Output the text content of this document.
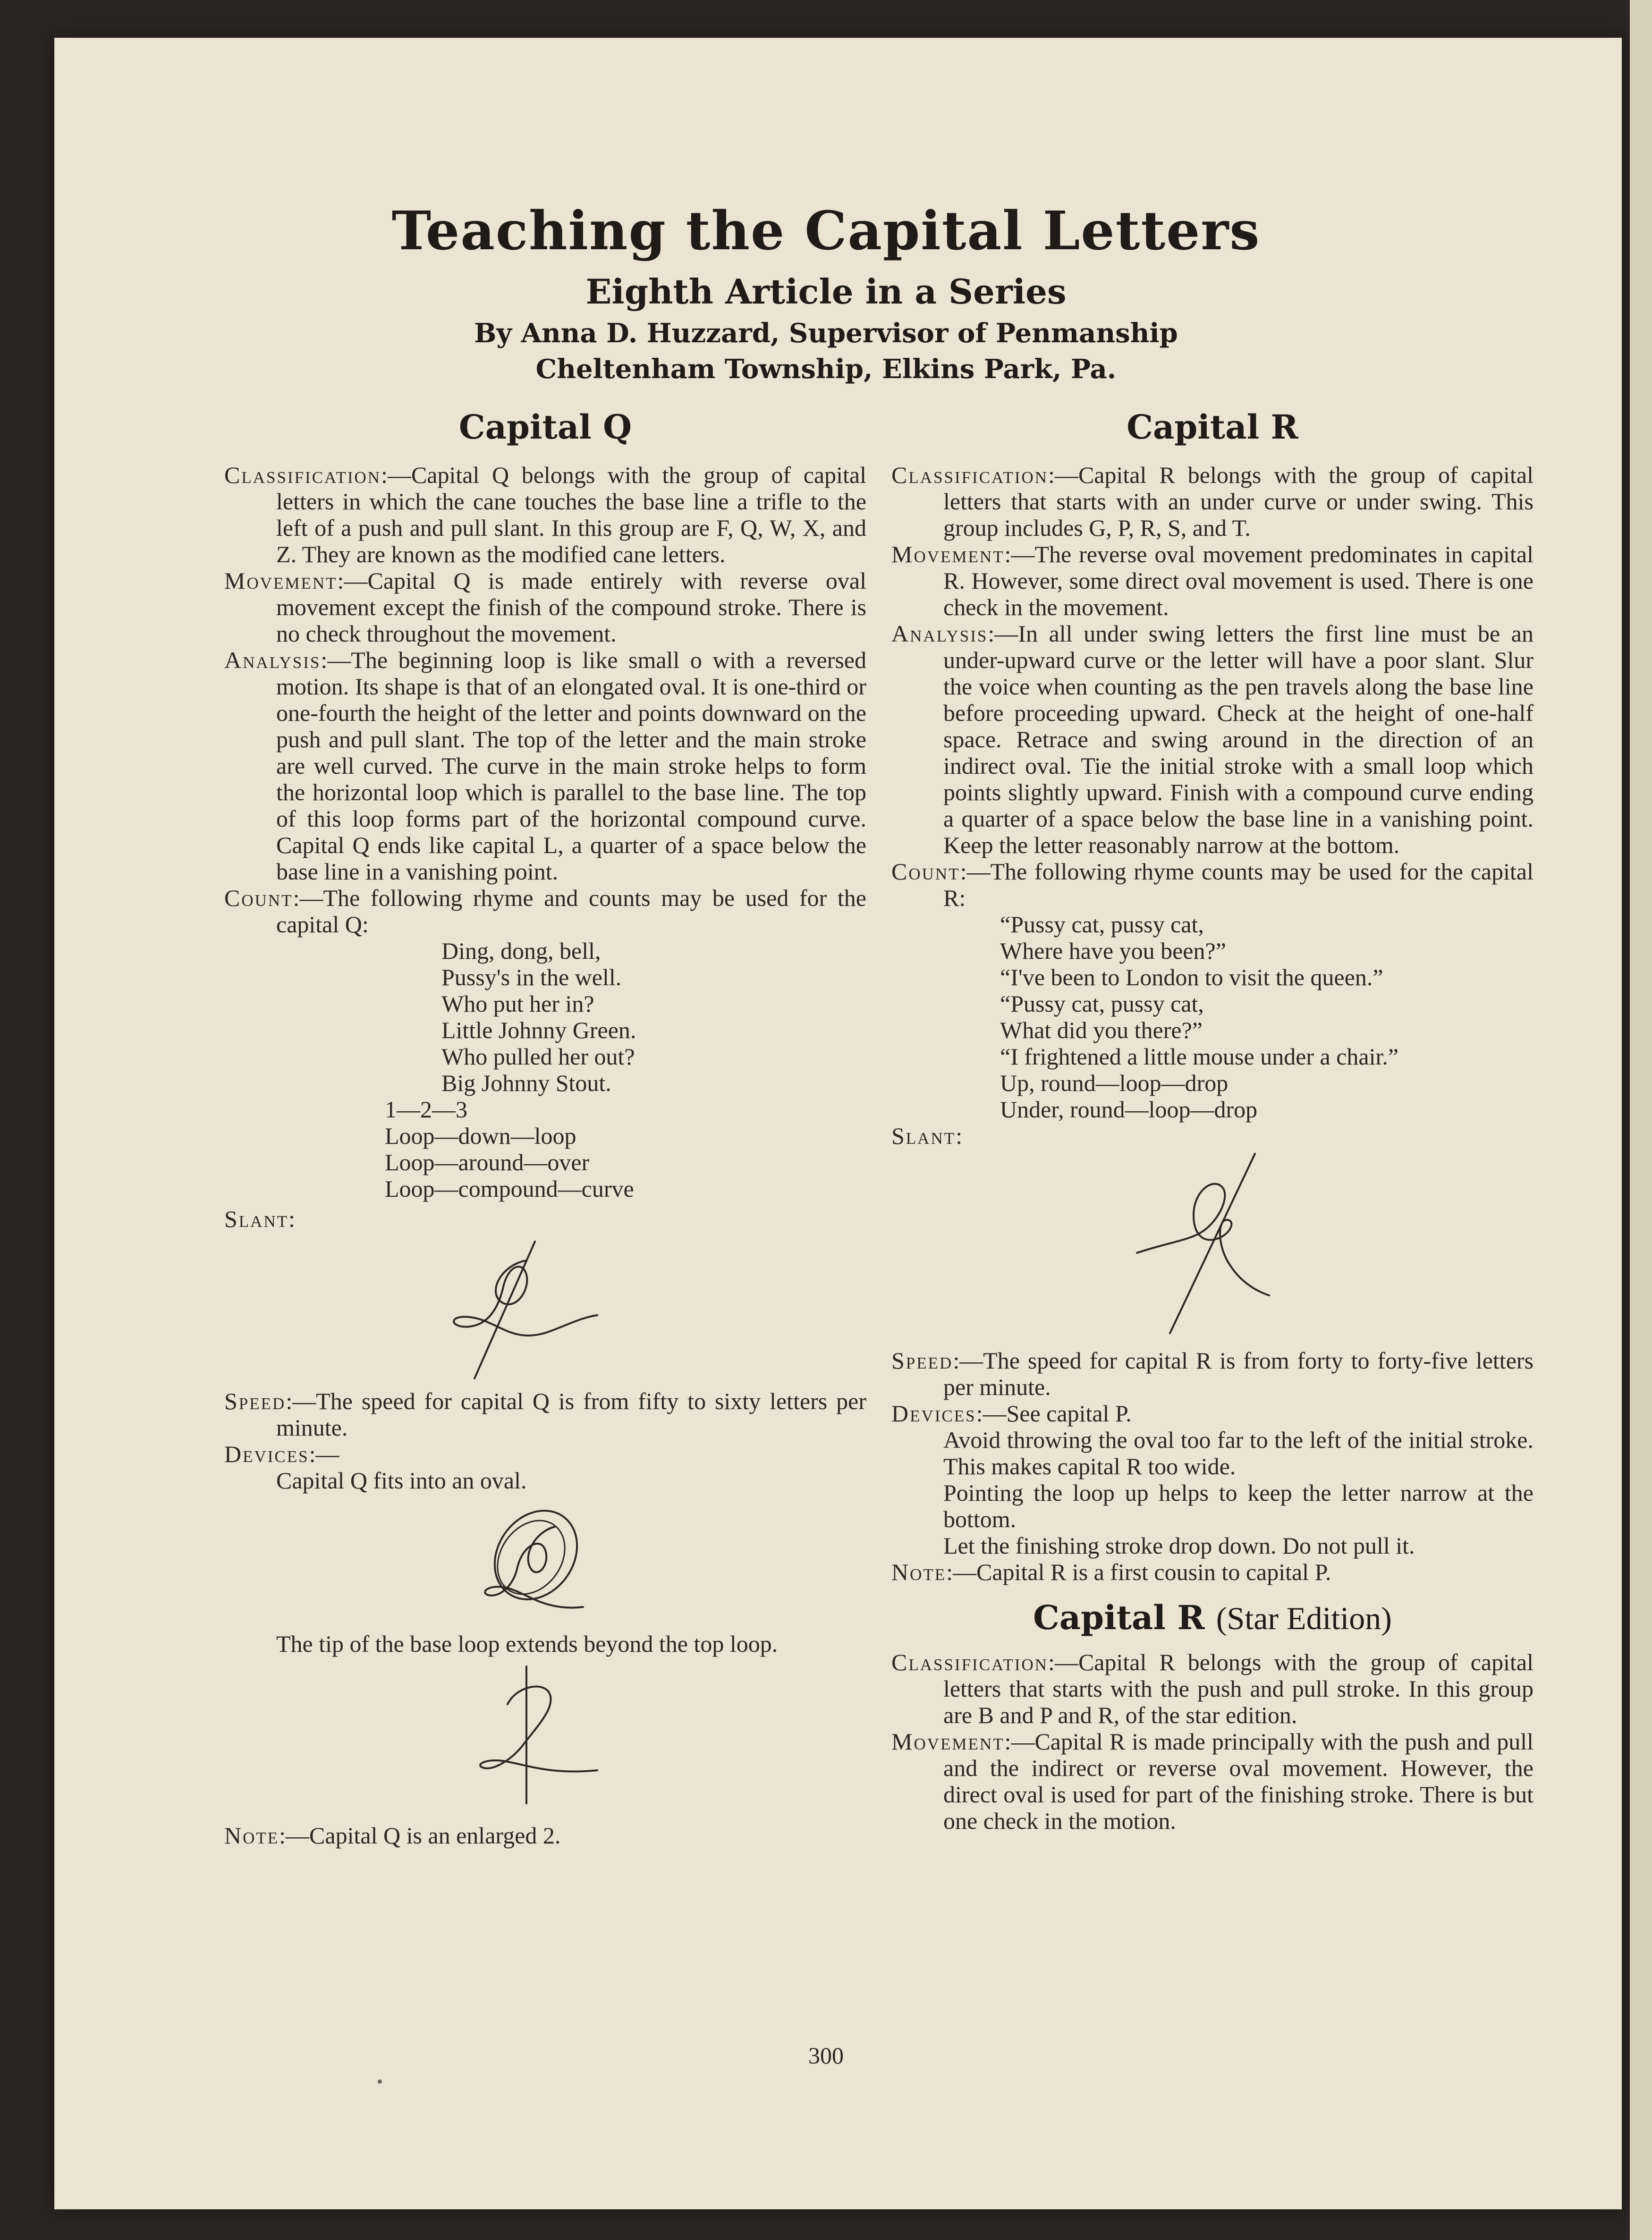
Teaching the Capital Letters
Eighth Article in a Series
By Anna D. Huzzard, Supervisor of Penmanship
Cheltenham Township, Elkins Park, Pa.
Capital Q

Classification:—Capital Q belongs with the group of capital letters in which the cane touches the base line a trifle to the left of a push and pull slant. In this group are F, Q, W, X, and Z. They are known as the modified cane letters.

Movement:—Capital Q is made entirely with reverse oval movement except the finish of the compound stroke. There is no check throughout the movement.

Analysis:—The beginning loop is like small o with a reversed motion. Its shape is that of an elongated oval. It is one-third or one-fourth the height of the letter and points downward on the push and pull slant. The top of the letter and the main stroke are well curved. The curve in the main stroke helps to form the horizontal loop which is parallel to the base line. The top of this loop forms part of the horizontal compound curve. Capital Q ends like capital L, a quarter of a space below the base line in a vanishing point.

Count:—The following rhyme and counts may be used for the capital Q:

Ding, dong, bell,
Pussy's in the well.
Who put her in?
Little Johnny Green.
Who pulled her out?
Big Johnny Stout.
1—2—3
Loop—down—loop
Loop—around—over
Loop—compound—curve

Slant:

Speed:—The speed for capital Q is from fifty to sixty letters per minute.

Devices:—

Capital Q fits into an oval.

The tip of the base loop extends beyond the top loop.

Note:—Capital Q is an enlarged 2.

Capital R

Classification:—Capital R belongs with the group of capital letters that starts with an under curve or under swing. This group includes G, P, R, S, and T.

Movement:—The reverse oval movement predominates in capital R. However, some direct oval movement is used. There is one check in the movement.

Analysis:—In all under swing letters the first line must be an under-upward curve or the letter will have a poor slant. Slur the voice when counting as the pen travels along the base line before proceeding upward. Check at the height of one-half space. Retrace and swing around in the direction of an indirect oval. Tie the initial stroke with a small loop which points slightly upward. Finish with a compound curve ending a quarter of a space below the base line in a vanishing point. Keep the letter reasonably narrow at the bottom.

Count:—The following rhyme counts may be used for the capital R:

“Pussy cat, pussy cat,
Where have you been?”
“I've been to London to visit the queen.”
“Pussy cat, pussy cat,
What did you there?”
“I frightened a little mouse under a chair.”
Up, round—loop—drop
Under, round—loop—drop

Slant:

Speed:—The speed for capital R is from forty to forty-five letters per minute.

Devices:—See capital P.

Avoid throwing the oval too far to the left of the initial stroke. This makes capital R too wide.

Pointing the loop up helps to keep the letter narrow at the bottom.

Let the finishing stroke drop down. Do not pull it.

Note:—Capital R is a first cousin to capital P.

Capital R (Star Edition)

Classification:—Capital R belongs with the group of capital letters that starts with the push and pull stroke. In this group are B and P and R, of the star edition.

Movement:—Capital R is made principally with the push and pull and the indirect or reverse oval movement. However, the direct oval is used for part of the finishing stroke. There is but one check in the motion.

300
